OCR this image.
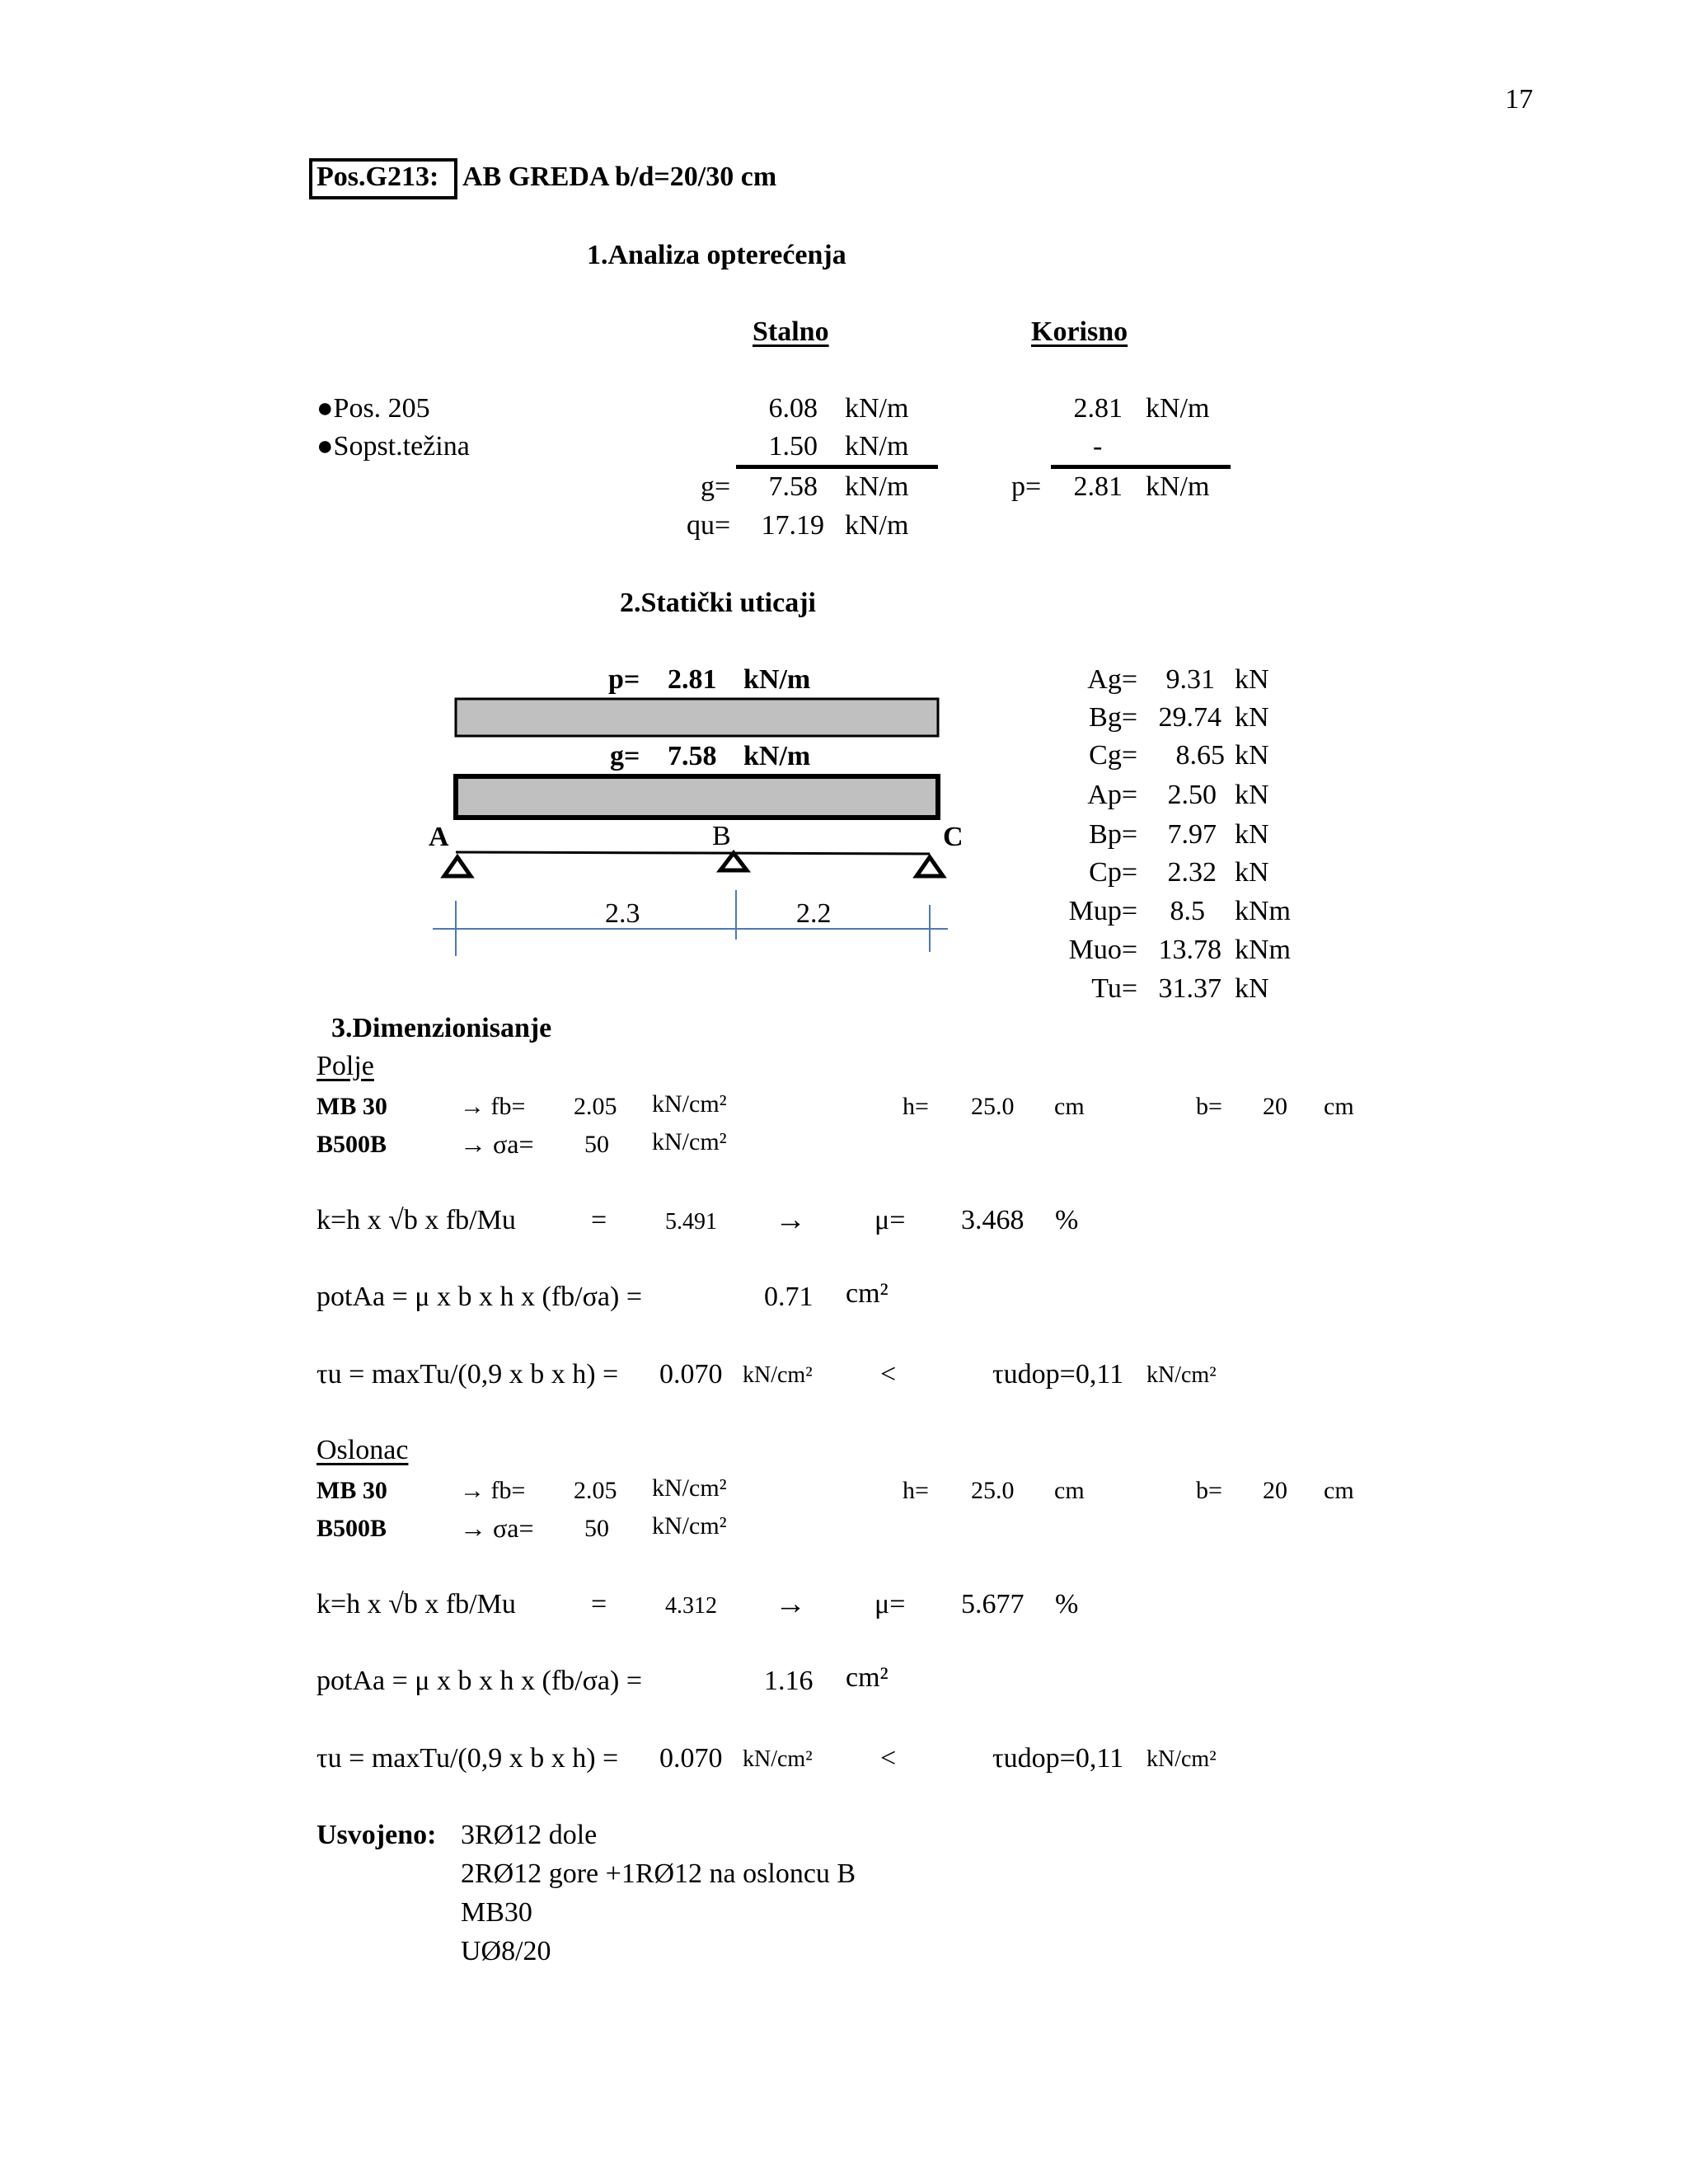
17
Pos.G213: AB GREDA b/d=20/30 cm
1.Analiza opterećenja
Stalno	Korisno
●Pos. 205	6.08 kN/m	2.81 kN/m
●Sopst.težina	1.50 kN/m	-
g=	7.58 kN/m	p=	2.81 kN/m
qu=	17.19 kN/m
2.Statički uticaji
p= 2.81 kN/m
g= 7.58 kN/m
A	B	C
2.3	2.2
Ag=	9.31 kN
Bg= 29.74 kN
Cg=	8.65 kN
Ap=	2.50 kN
Bp=	7.97 kN
Cp=	2.32 kN
Mup=	8.5 kNm
Muo= 13.78 kNm
Tu= 31.37 kN
3.Dimenzionisanje
Polje
MB 30	→ fb= 2.05 kN/cm²	h= 25.0 cm	b= 20 cm
B500B	→ σa= 50 kN/cm²
k=h x √b x fb/Mu	=	5.491 → μ= 3.468 %
potAa = μ x b x h x (fb/σa) =	0.71 cm²
τu = maxTu/(0,9 x b x h) = 0.070 kN/cm² <	τudop=0,11 kN/cm²
Oslonac
MB 30	→ fb= 2.05 kN/cm²	h= 25.0 cm	b= 20 cm
B500B	→ σa= 50 kN/cm²
k=h x √b x fb/Mu	=	4.312 → μ= 5.677 %
potAa = μ x b x h x (fb/σa) =	1.16 cm²
τu = maxTu/(0,9 x b x h) = 0.070 kN/cm² <	τudop=0,11 kN/cm²
Usvojeno: 3RØ12 dole
2RØ12 gore +1RØ12 na osloncu B
MB30
UØ8/20
